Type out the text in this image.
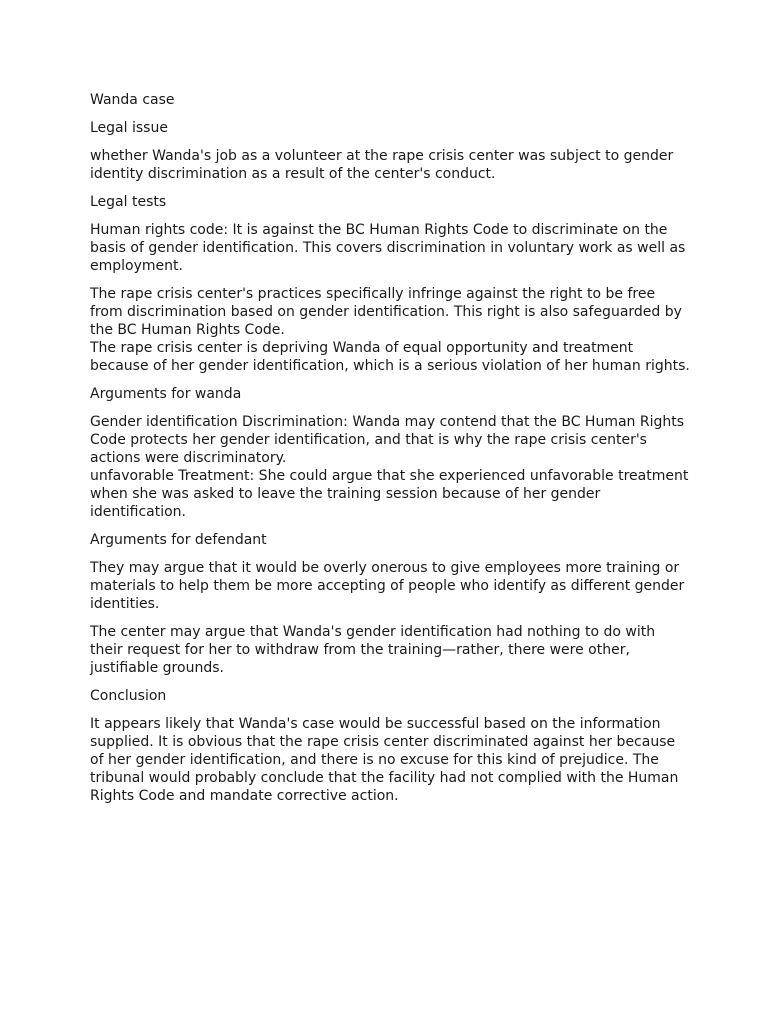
Wanda case

Legal issue

whether Wanda's job as a volunteer at the rape crisis center was subject to gender identity discrimination as a result of the center's conduct.

Legal tests

Human rights code: It is against the BC Human Rights Code to discriminate on the basis of gender identification. This covers discrimination in voluntary work as well as employment.

The rape crisis center's practices specifically infringe against the right to be free from discrimination based on gender identification. This right is also safeguarded by the BC Human Rights Code.

The rape crisis center is depriving Wanda of equal opportunity and treatment because of her gender identification, which is a serious violation of her human rights.

Arguments for wanda

Gender identification Discrimination: Wanda may contend that the BC Human Rights Code protects her gender identification, and that is why the rape crisis center's actions were discriminatory.

unfavorable Treatment: She could argue that she experienced unfavorable treatment when she was asked to leave the training session because of her gender identification.

Arguments for defendant

They may argue that it would be overly onerous to give employees more training or materials to help them be more accepting of people who identify as different gender identities.

The center may argue that Wanda's gender identification had nothing to do with their request for her to withdraw from the training—rather, there were other, justifiable grounds.

Conclusion

It appears likely that Wanda's case would be successful based on the information supplied. It is obvious that the rape crisis center discriminated against her because of her gender identification, and there is no excuse for this kind of prejudice. The tribunal would probably conclude that the facility had not complied with the Human Rights Code and mandate corrective action.
